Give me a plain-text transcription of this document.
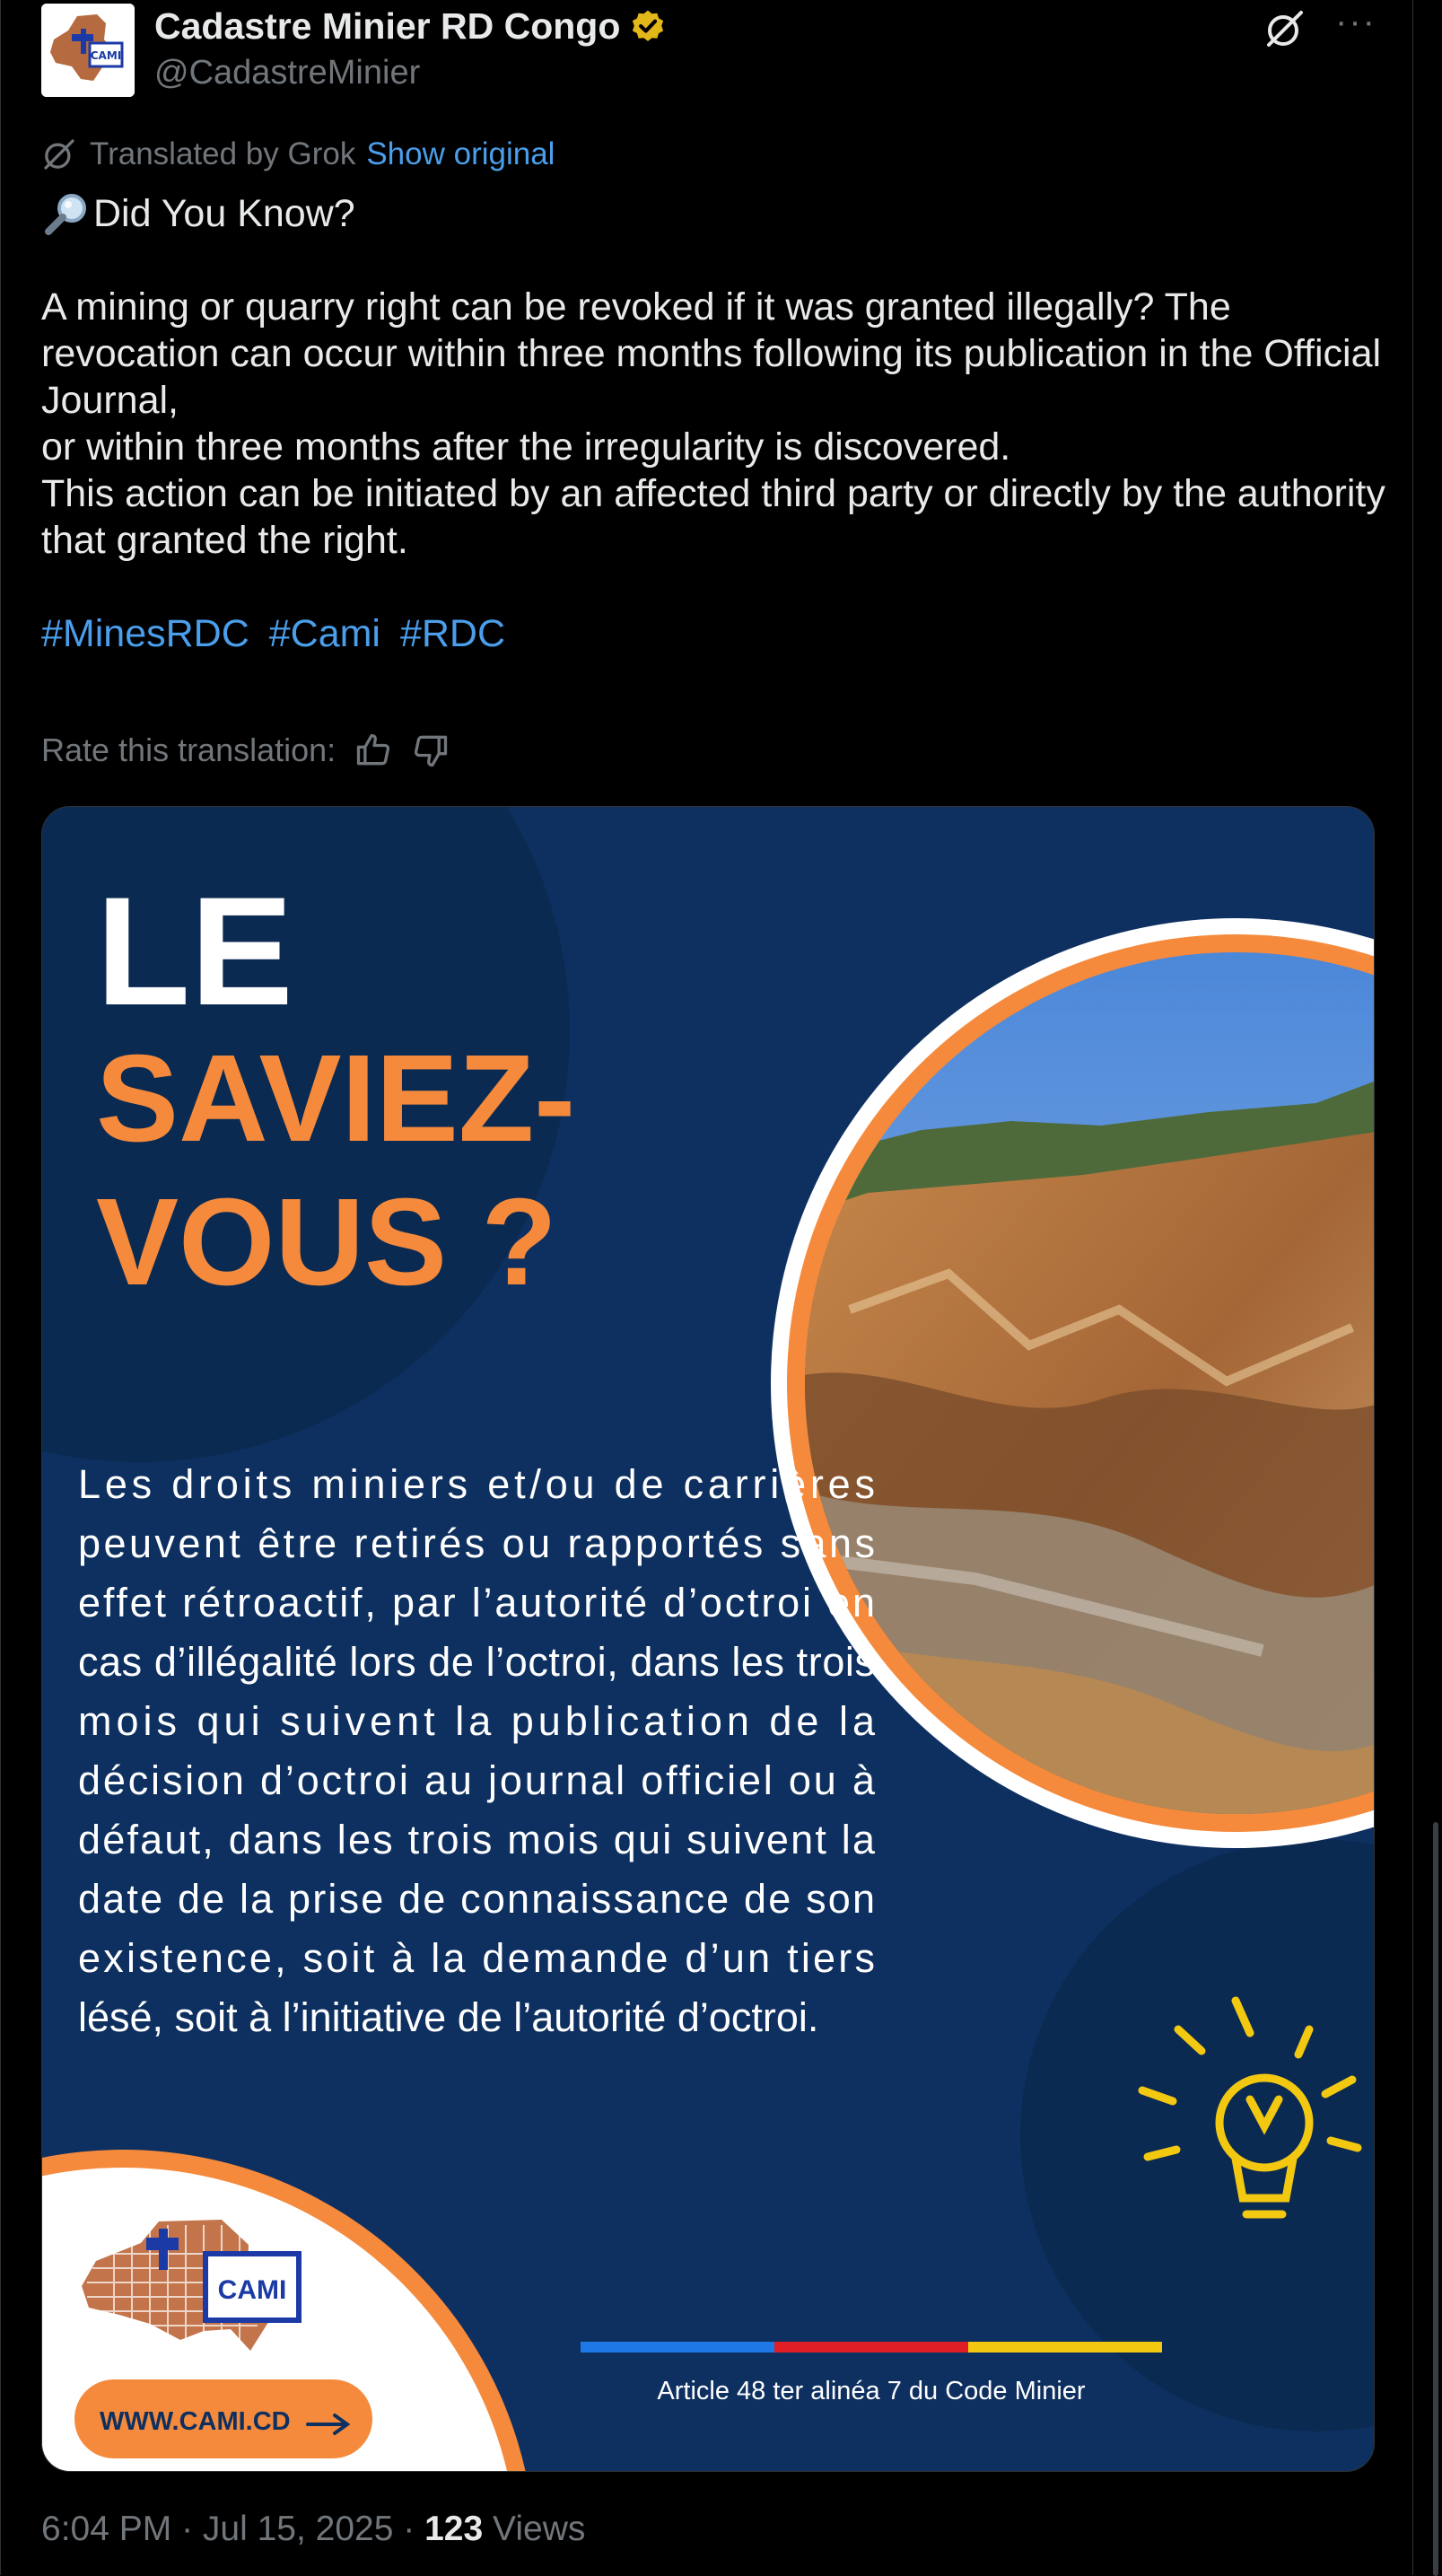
CAMI
Cadastre Minier RD Congo
@CadastreMinier
···
Translated by Grok Show original

Did You Know?

A mining or quarry right can be revoked if it was granted illegally? The revocation can occur within three months following its publication in the Official Journal,

or within three months after the irregularity is discovered.

This action can be initiated by an affected third party or directly by the authority that granted the right.

#MinesRDC #Cami #RDC

Rate this translation:
LE
SAVIEZ-
VOUS ?
Les droits miniers et/ou de carrières
peuvent être retirés ou rapportés sans
effet rétroactif, par l’autorité d’octroi en
cas d’illégalité lors de l’octroi, dans les trois
mois qui suivent la publication de la
décision d’octroi au journal officiel ou à
défaut, dans les trois mois qui suivent la
date de la prise de connaissance de son
existence, soit à la demande d’un tiers
lésé, soit à l’initiative de l’autorité d’octroi.
CAMI
WWW.CAMI.CD
Article 48 ter alinéa 7 du Code Minier
6:04 PM · Jul 15, 2025 · 123 Views
